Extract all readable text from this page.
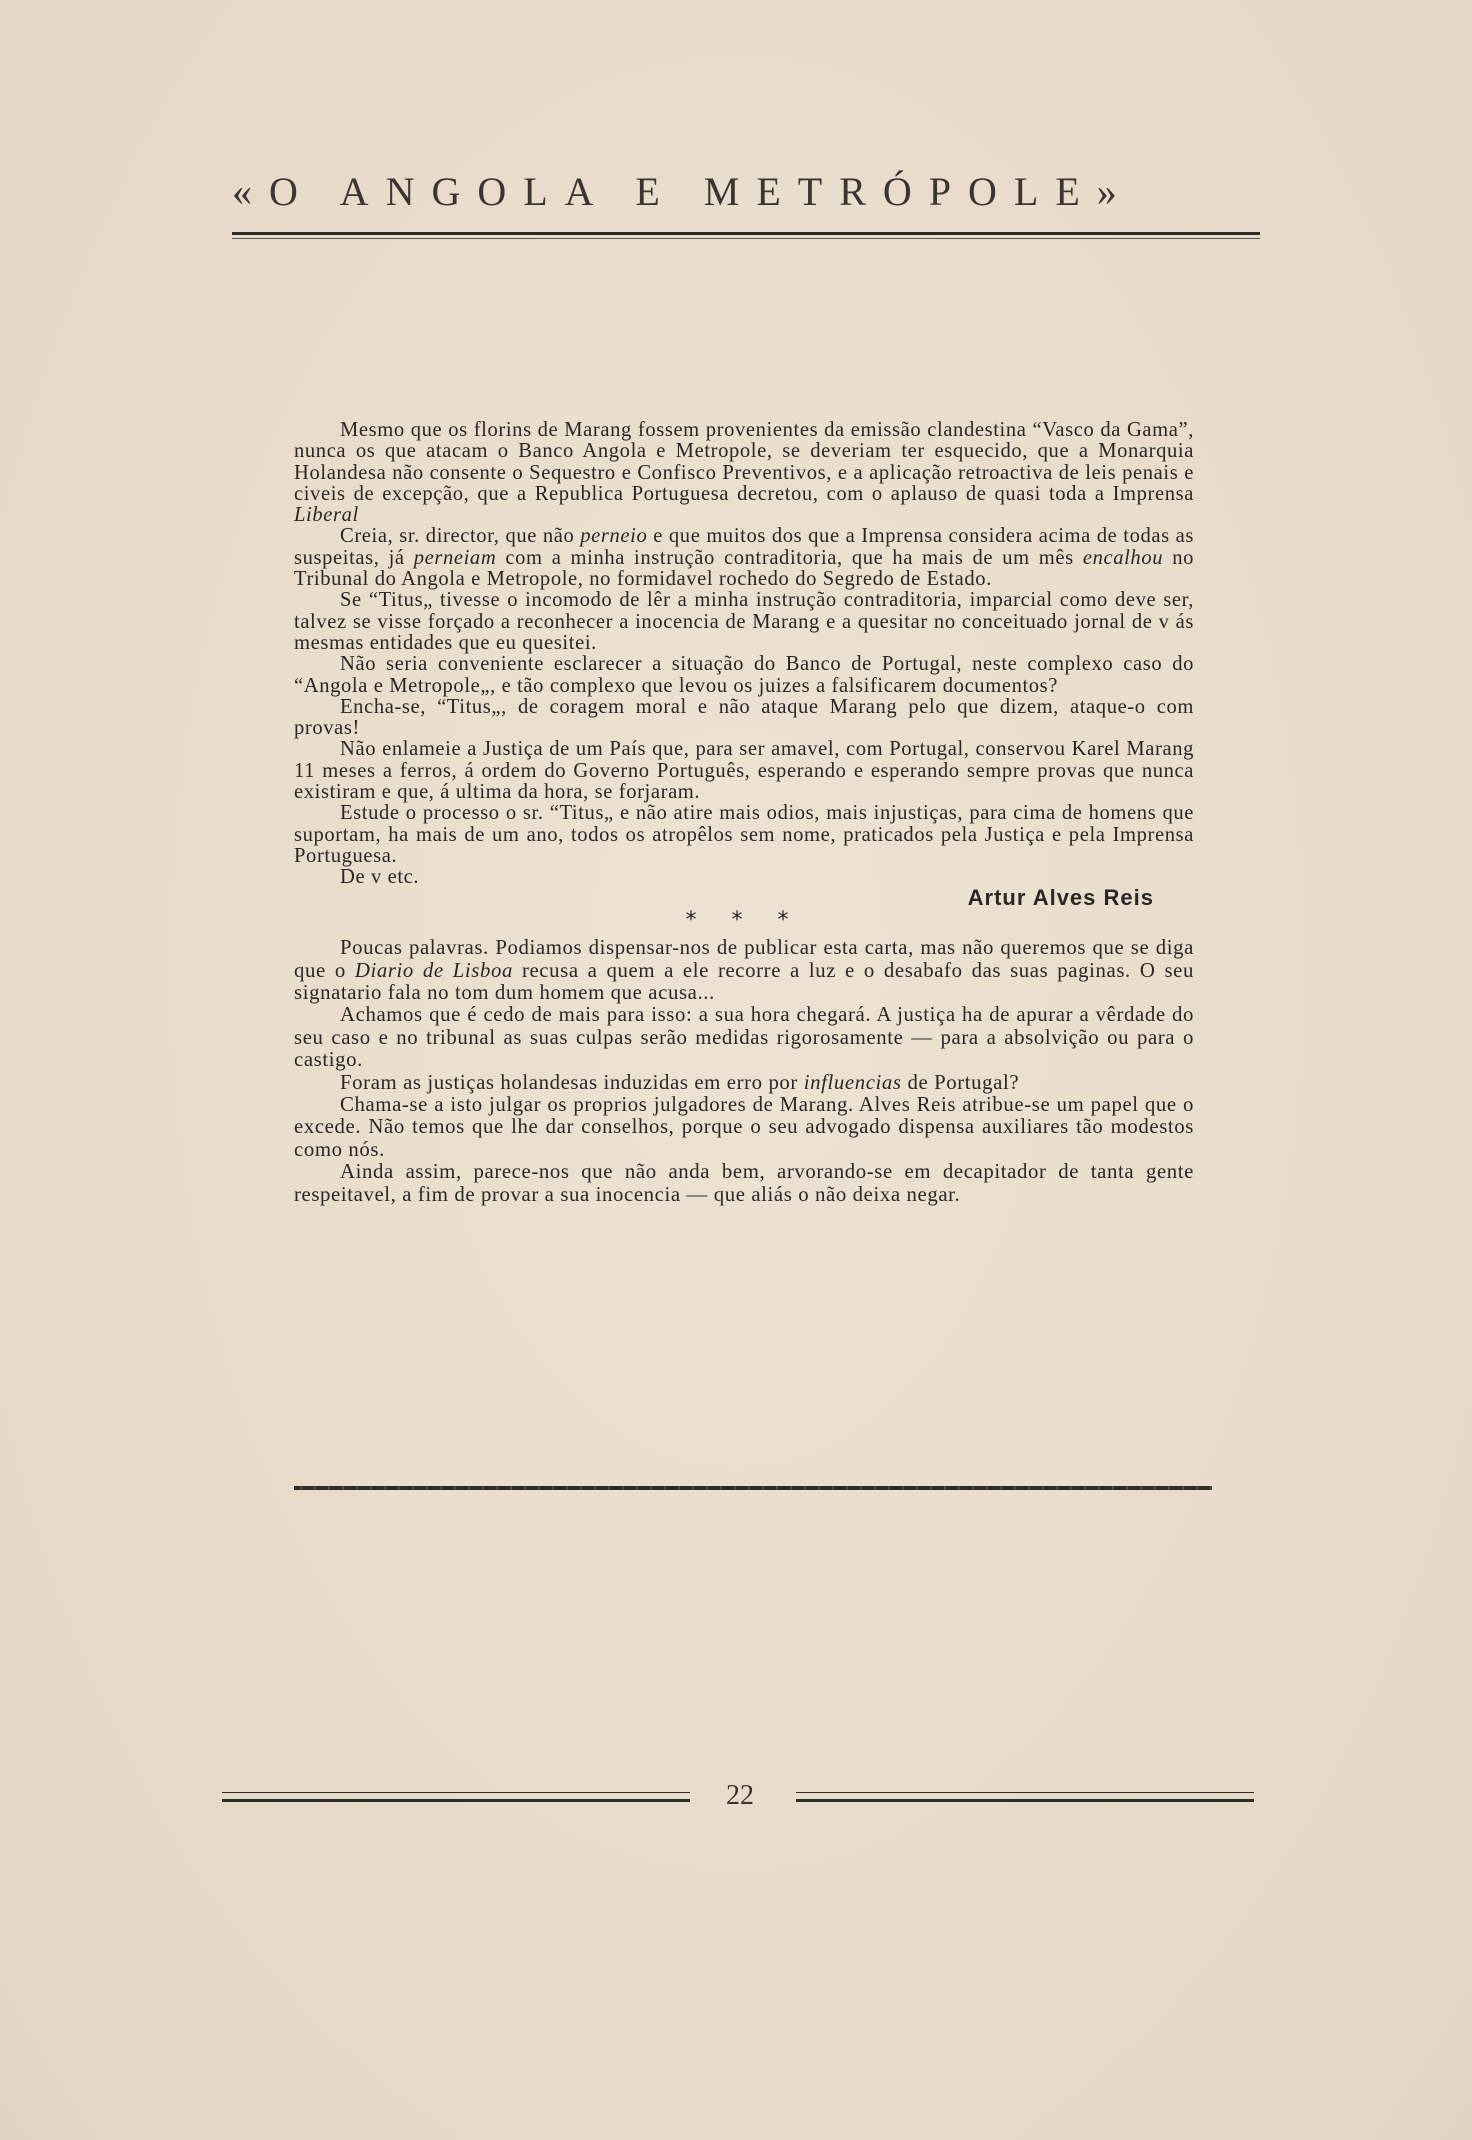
«O ANGOLA E METRÓPOLE»

Mesmo que os florins de Marang fossem provenientes da emissão clandestina “Vasco da Gama”, nunca os que atacam o Banco Angola e Metropole, se deveriam ter esquecido, que a Monarquia Holandesa não consente o Sequestro e Confisco Preventivos, e a aplicação retroactiva de leis penais e civeis de excepção, que a Republica Portuguesa decretou, com o aplauso de quasi toda a Imprensa Liberal

Creia, sr. director, que não perneio e que muitos dos que a Imprensa considera acima de todas as suspeitas, já perneiam com a minha instrução contraditoria, que ha mais de um mês encalhou no Tribunal do Angola e Metropole, no formidavel rochedo do Segredo de Estado.

Se “Titus„ tivesse o incomodo de lêr a minha instrução contraditoria, imparcial como deve ser, talvez se visse forçado a reconhecer a inocencia de Marang e a quesitar no conceituado jornal de v ás mesmas entidades que eu quesitei.

Não seria conveniente esclarecer a situação do Banco de Portugal, neste complexo caso do “Angola e Metropole„, e tão complexo que levou os juizes a falsificarem documentos?

Encha-se, “Titus„, de coragem moral e não ataque Marang pelo que dizem, ataque-o com provas!

Não enlameie a Justiça de um País que, para ser amavel, com Portugal, conservou Karel Marang 11 meses a ferros, á ordem do Governo Português, esperando e esperando sempre provas que nunca existiram e que, á ultima da hora, se forjaram.

Estude o processo o sr. “Titus„ e não atire mais odios, mais injustiças, para cima de homens que suportam, ha mais de um ano, todos os atropêlos sem nome, praticados pela Justiça e pela Imprensa Portuguesa.

De v etc.

Artur Alves Reis
* * *

Poucas palavras. Podiamos dispensar-nos de publicar esta carta, mas não queremos que se diga que o Diario de Lisboa recusa a quem a ele recorre a luz e o desabafo das suas paginas. O seu signatario fala no tom dum homem que acusa...

Achamos que é cedo de mais para isso: a sua hora chegará. A justiça ha de apurar a vêrdade do seu caso e no tribunal as suas culpas serão medidas rigorosamente — para a absolvição ou para o castigo.

Foram as justiças holandesas induzidas em erro por influencias de Portugal?

Chama-se a isto julgar os proprios julgadores de Marang. Alves Reis atribue-se um papel que o excede. Não temos que lhe dar conselhos, porque o seu advogado dispensa auxiliares tão modestos como nós.

Ainda assim, parece-nos que não anda bem, arvorando-se em decapitador de tanta gente respeitavel, a fim de provar a sua inocencia — que aliás o não deixa negar.

22
